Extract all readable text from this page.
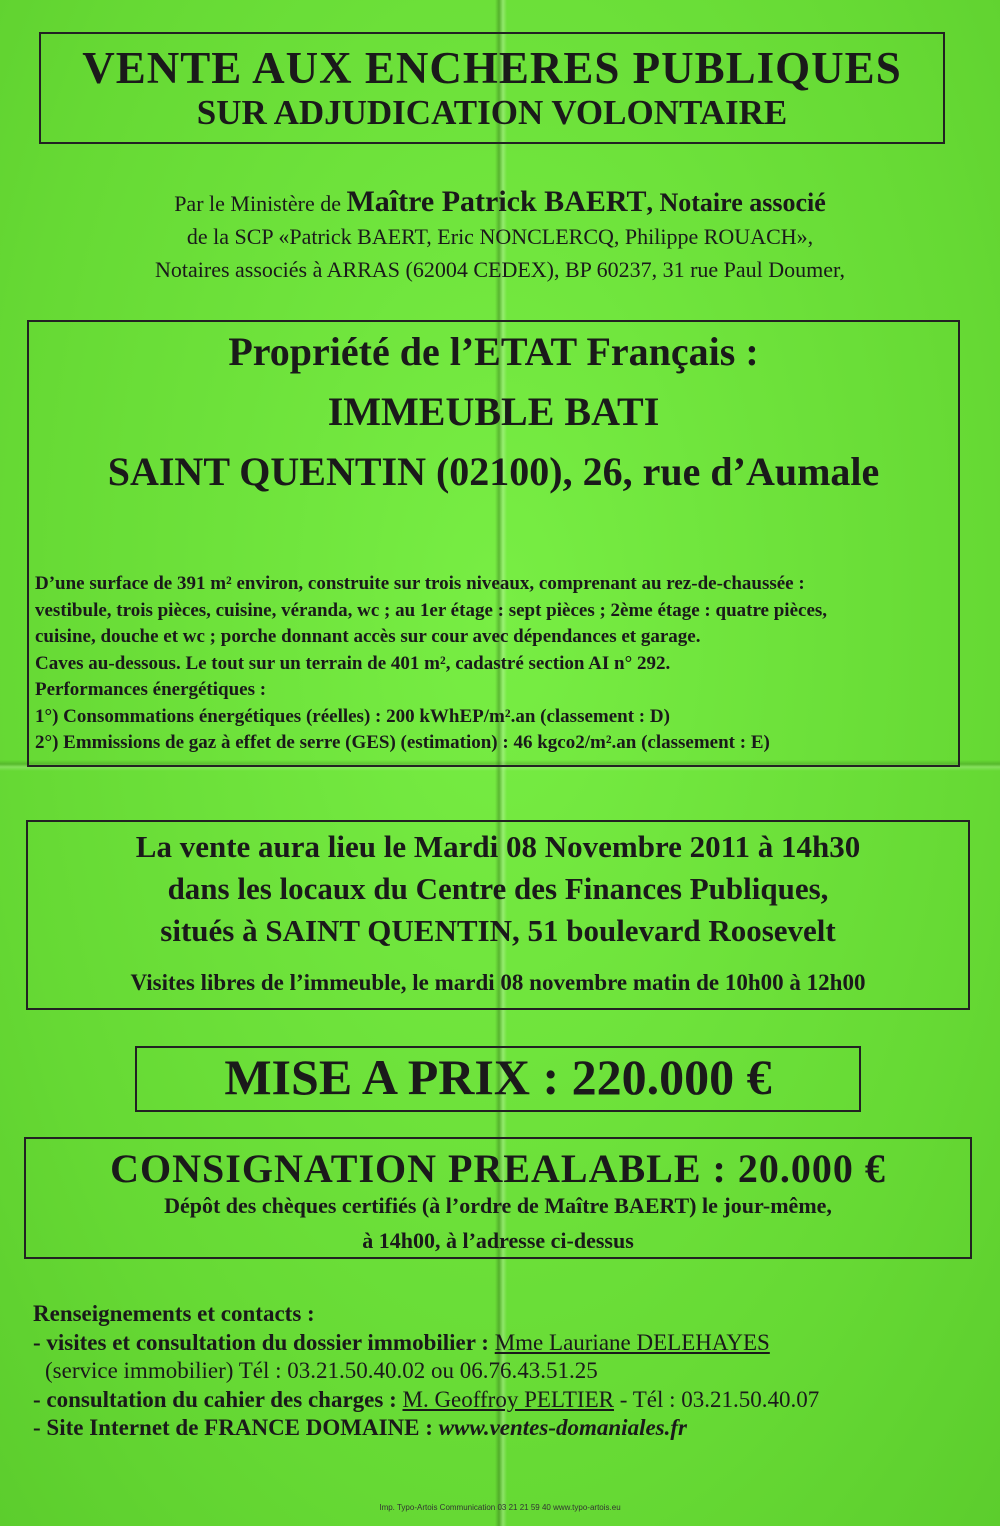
VENTE AUX ENCHERES PUBLIQUES
SUR ADJUDICATION VOLONTAIRE
Par le Ministère de Maître Patrick BAERT, Notaire associé
de la SCP «Patrick BAERT, Eric NONCLERCQ, Philippe ROUACH»,
Notaires associés à ARRAS (62004 CEDEX), BP 60237, 31 rue Paul Doumer,
Propriété de l’ETAT Français :
IMMEUBLE BATI
SAINT QUENTIN (02100), 26, rue d’Aumale

D’une surface de 391 m² environ, construite sur trois niveaux, comprenant au rez-de-chaussée :

vestibule, trois pièces, cuisine, véranda, wc ; au 1er étage : sept pièces ; 2ème étage : quatre pièces,

cuisine, douche et wc ; porche donnant accès sur cour avec dépendances et garage.

Caves au-dessous. Le tout sur un terrain de 401 m², cadastré section AI n° 292.

Performances énergétiques :

1°) Consommations énergétiques (réelles) : 200 kWhEP/m².an (classement : D)

2°) Emmissions de gaz à effet de serre (GES) (estimation) : 46 kgco2/m².an (classement : E)

La vente aura lieu le Mardi 08 Novembre 2011 à 14h30
dans les locaux du Centre des Finances Publiques,
situés à SAINT QUENTIN, 51 boulevard Roosevelt
Visites libres de l’immeuble, le mardi 08 novembre matin de 10h00 à 12h00
MISE A PRIX : 220.000 €
CONSIGNATION PREALABLE : 20.000 €
Dépôt des chèques certifiés (à l’ordre de Maître BAERT) le jour-même,
à 14h00, à l’adresse ci-dessus
Renseignements et contacts :
- visites et consultation du dossier immobilier : Mme Lauriane DELEHAYES
(service immobilier) Tél : 03.21.50.40.02 ou 06.76.43.51.25
- consultation du cahier des charges : M. Geoffroy PELTIER - Tél : 03.21.50.40.07
- Site Internet de FRANCE DOMAINE : www.ventes-domaniales.fr
Imp. Typo-Artois Communication 03 21 21 59 40 www.typo-artois.eu
